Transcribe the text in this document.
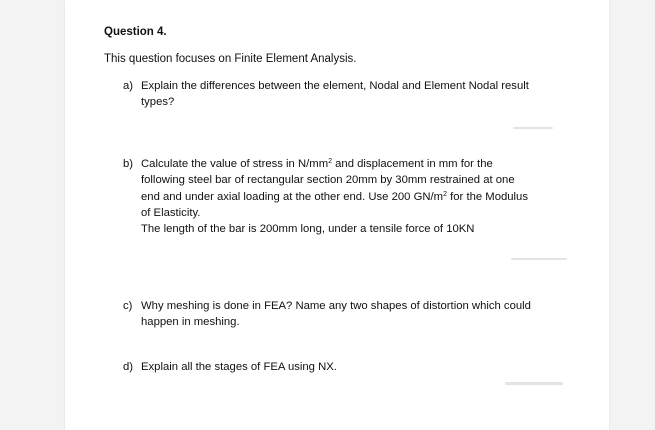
Question 4.
This question focuses on Finite Element Analysis.
a) Explain the differences between the element, Nodal and Element Nodal result
types?
b) Calculate the value of stress in $N/mm^2$ and displacement in mm for the
following steel bar of rectangular section 20mm by 30mm restrained at one
end and under axial loading at the other end. Use 200 $GN/m^2$ for the Modulus
of Elasticity.
The length of the bar is 200mm long, under a tensile force of 10KN
c) Why meshing is done in FEA? Name any two shapes of distortion which could
happen in meshing.
d) Explain all the stages of FEA using NX.
